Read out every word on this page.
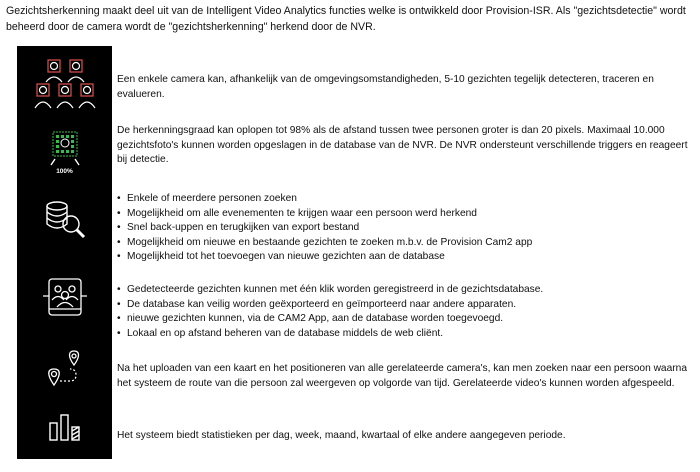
Gezichtsherkenning maakt deel uit van de Intelligent Video Analytics functies welke is ontwikkeld door Provision-ISR. Als "gezichtsdetectie" wordt beheerd door de camera wordt de "gezichtsherkenning" herkend door de NVR.
100%

Een enkele camera kan, afhankelijk van de omgevingsomstandigheden, 5-10 gezichten tegelijk detecteren, traceren en evalueren.

De herkenningsgraad kan oplopen tot 98% als de afstand tussen twee personen groter is dan 20 pixels. Maximaal 10.000 gezichtsfoto's kunnen worden opgeslagen in de database van de NVR. De NVR ondersteunt verschillende triggers en reageert bij detectie.

• Enkele of meerdere personen zoeken
• Mogelijkheid om alle evenementen te krijgen waar een persoon werd herkend
• Snel back-uppen en terugkijken van export bestand
• Mogelijkheid om nieuwe en bestaande gezichten te zoeken m.b.v. de Provision Cam2 app
• Mogelijkheid tot het toevoegen van nieuwe gezichten aan de database
• Gedetecteerde gezichten kunnen met één klik worden geregistreerd in de gezichtsdatabase.
• De database kan veilig worden geëxporteerd en geïmporteerd naar andere apparaten.
• nieuwe gezichten kunnen, via de CAM2 App, aan de database worden toegevoegd.
• Lokaal en op afstand beheren van de database middels de web cliënt.

Na het uploaden van een kaart en het positioneren van alle gerelateerde camera's, kan men zoeken naar een persoon waarna het systeem de route van die persoon zal weergeven op volgorde van tijd. Gerelateerde video's kunnen worden afgespeeld.

Het systeem biedt statistieken per dag, week, maand, kwartaal of elke andere aangegeven periode.
